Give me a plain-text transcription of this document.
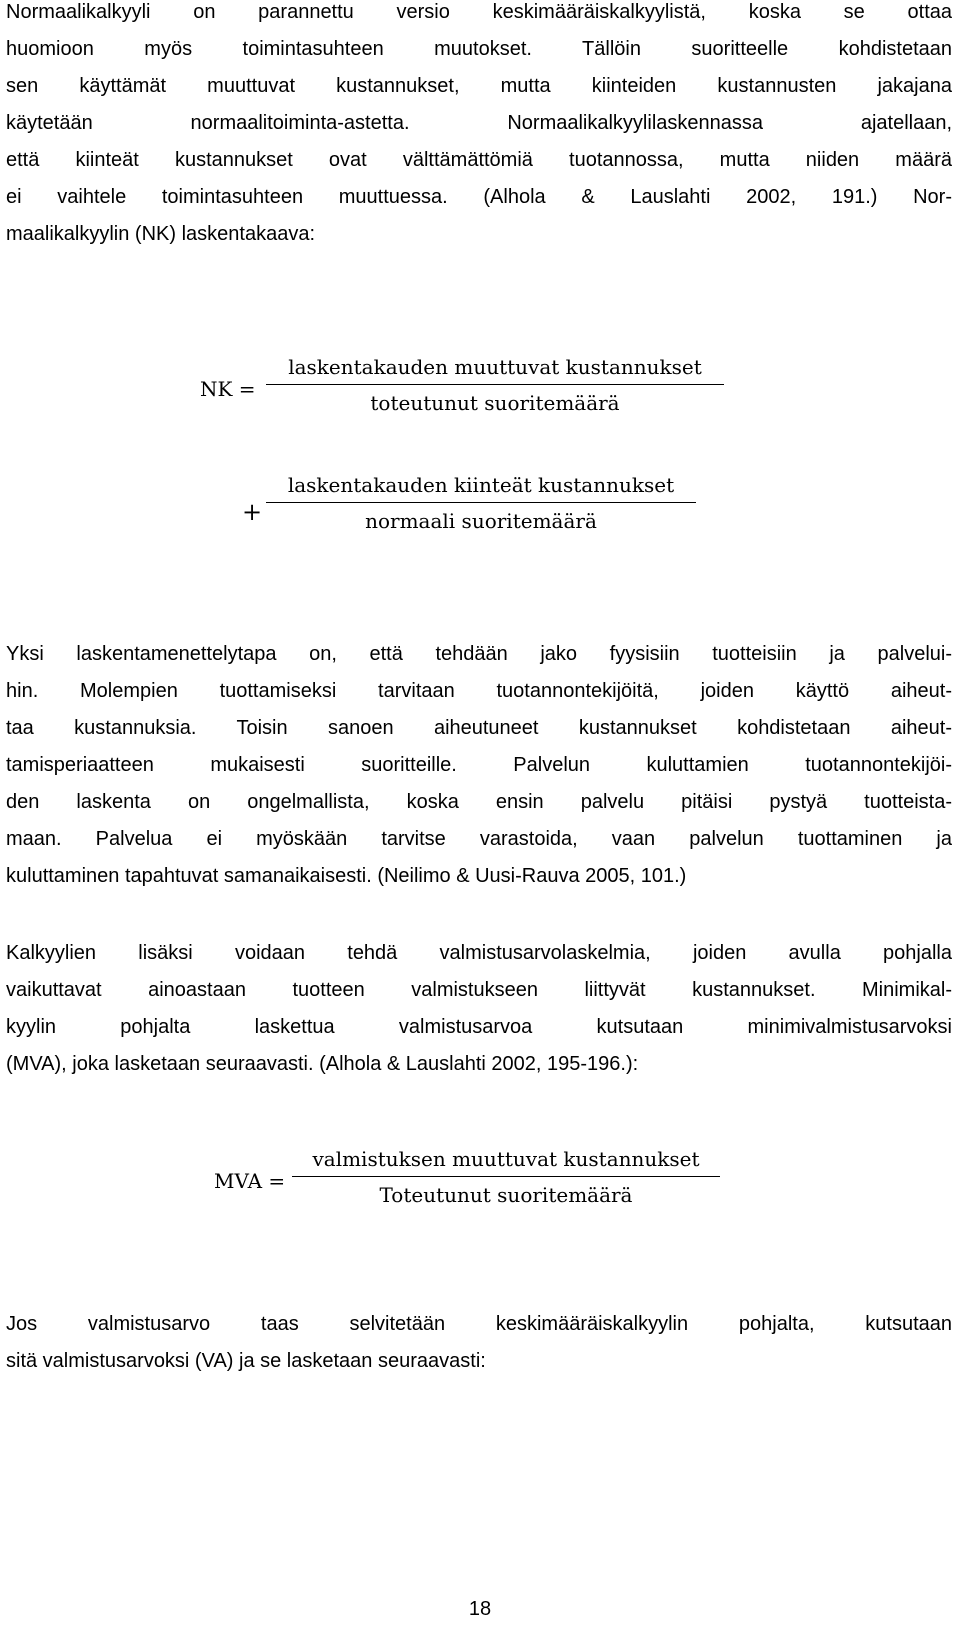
Normaalikalkyyli on parannettu versio keskimääräiskalkyylistä, koska se ottaa
huomioon myös toimintasuhteen muutokset. Tällöin suoritteelle kohdistetaan
sen käyttämät muuttuvat kustannukset, mutta kiinteiden kustannusten jakajana
käytetään normaalitoiminta-astetta. Normaalikalkyylilaskennassa ajatellaan,
että kiinteät kustannukset ovat välttämättömiä tuotannossa, mutta niiden määrä
ei vaihtele toimintasuhteen muuttuessa. (Alhola & Lauslahti 2002, 191.) Nor-
maalikalkyylin (NK) laskentakaava:
NK =
laskentakauden muuttuvat kustannukset
toteutunut suoritemäärä
+
laskentakauden kiinteät kustannukset
normaali suoritemäärä
Yksi laskentamenettelytapa on, että tehdään jako fyysisiin tuotteisiin ja palvelui-
hin. Molempien tuottamiseksi tarvitaan tuotannontekijöitä, joiden käyttö aiheut-
taa kustannuksia. Toisin sanoen aiheutuneet kustannukset kohdistetaan aiheut-
tamisperiaatteen mukaisesti suoritteille. Palvelun kuluttamien tuotannontekijöi-
den laskenta on ongelmallista, koska ensin palvelu pitäisi pystyä tuotteista-
maan. Palvelua ei myöskään tarvitse varastoida, vaan palvelun tuottaminen ja
kuluttaminen tapahtuvat samanaikaisesti. (Neilimo & Uusi-Rauva 2005, 101.)
Kalkyylien lisäksi voidaan tehdä valmistusarvolaskelmia, joiden avulla pohjalla
vaikuttavat ainoastaan tuotteen valmistukseen liittyvät kustannukset. Minimikal-
kyylin pohjalta laskettua valmistusarvoa kutsutaan minimivalmistusarvoksi
(MVA), joka lasketaan seuraavasti. (Alhola & Lauslahti 2002, 195-196.):
MVA =
valmistuksen muuttuvat kustannukset
Toteutunut suoritemäärä
Jos valmistusarvo taas selvitetään keskimääräiskalkyylin pohjalta, kutsutaan
sitä valmistusarvoksi (VA) ja se lasketaan seuraavasti:
18
